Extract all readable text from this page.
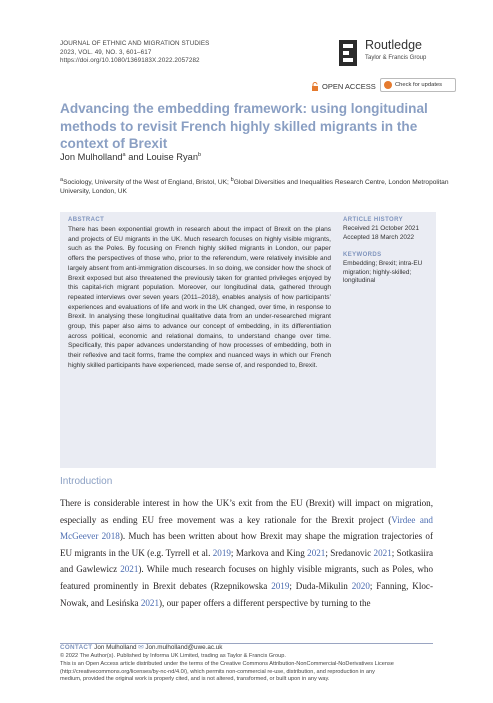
JOURNAL OF ETHNIC AND MIGRATION STUDIES
2023, VOL. 49, NO. 3, 601–617
https://doi.org/10.1080/1369183X.2022.2057282
Routledge
Taylor & Francis Group
OPEN ACCESS	Check for updates
Advancing the embedding framework: using longitudinal methods to revisit French highly skilled migrants in the context of Brexit
Jon Mulholland$^a$ and Louise Ryan$^b$
$^a$Sociology, University of the West of England, Bristol, UK; $^b$Global Diversities and Inequalities Research Centre, London Metropolitan University, London, UK
ABSTRACT
There has been exponential growth in research about the impact of Brexit on the plans and projects of EU migrants in the UK. Much research focuses on highly visible migrants, such as the Poles. By focusing on French highly skilled migrants in London, our paper offers the perspectives of those who, prior to the referendum, were relatively invisible and largely absent from anti-immigration discourses. In so doing, we consider how the shock of Brexit exposed but also threatened the previously taken for granted privileges enjoyed by this capital-rich migrant population. Moreover, our longitudinal data, gathered through repeated interviews over seven years (2011–2018), enables analysis of how participants’ experiences and evaluations of life and work in the UK changed, over time, in response to Brexit. In analysing these longitudinal qualitative data from an under-researched migrant group, this paper also aims to advance our concept of embedding, in its differentiation across political, economic and relational domains, to understand change over time. Specifically, this paper advances understanding of how processes of embedding, both in their reflexive and tacit forms, frame the complex and nuanced ways in which our French highly skilled participants have experienced, made sense of, and responded to, Brexit.
ARTICLE HISTORY
Received 21 October 2021
Accepted 18 March 2022
KEYWORDS
Embedding; Brexit; intra-EU migration; highly-skilled; longitudinal
Introduction
There is considerable interest in how the UK’s exit from the EU (Brexit) will impact on migration, especially as ending EU free movement was a key rationale for the Brexit project (Virdee and McGeever 2018). Much has been written about how Brexit may shape the migration trajectories of EU migrants in the UK (e.g. Tyrrell et al. 2019; Markova and King 2021; Sredanovic 2021; Sotkasiira and Gawlewicz 2021). While much research focuses on highly visible migrants, such as Poles, who featured prominently in Brexit debates (Rzepnikowska 2019; Duda-Mikulin 2020; Fanning, Kloc-Nowak, and Lesińska 2021), our paper offers a different perspective by turning to the
CONTACT Jon Mulholland ✉ Jon.mulholland@uwe.ac.uk
© 2022 The Author(s). Published by Informa UK Limited, trading as Taylor & Francis Group.
This is an Open Access article distributed under the terms of the Creative Commons Attribution-NonCommercial-NoDerivatives License
(http://creativecommons.org/licenses/by-nc-nd/4.0/), which permits non-commercial re-use, distribution, and reproduction in any
medium, provided the original work is properly cited, and is not altered, transformed, or built upon in any way.
